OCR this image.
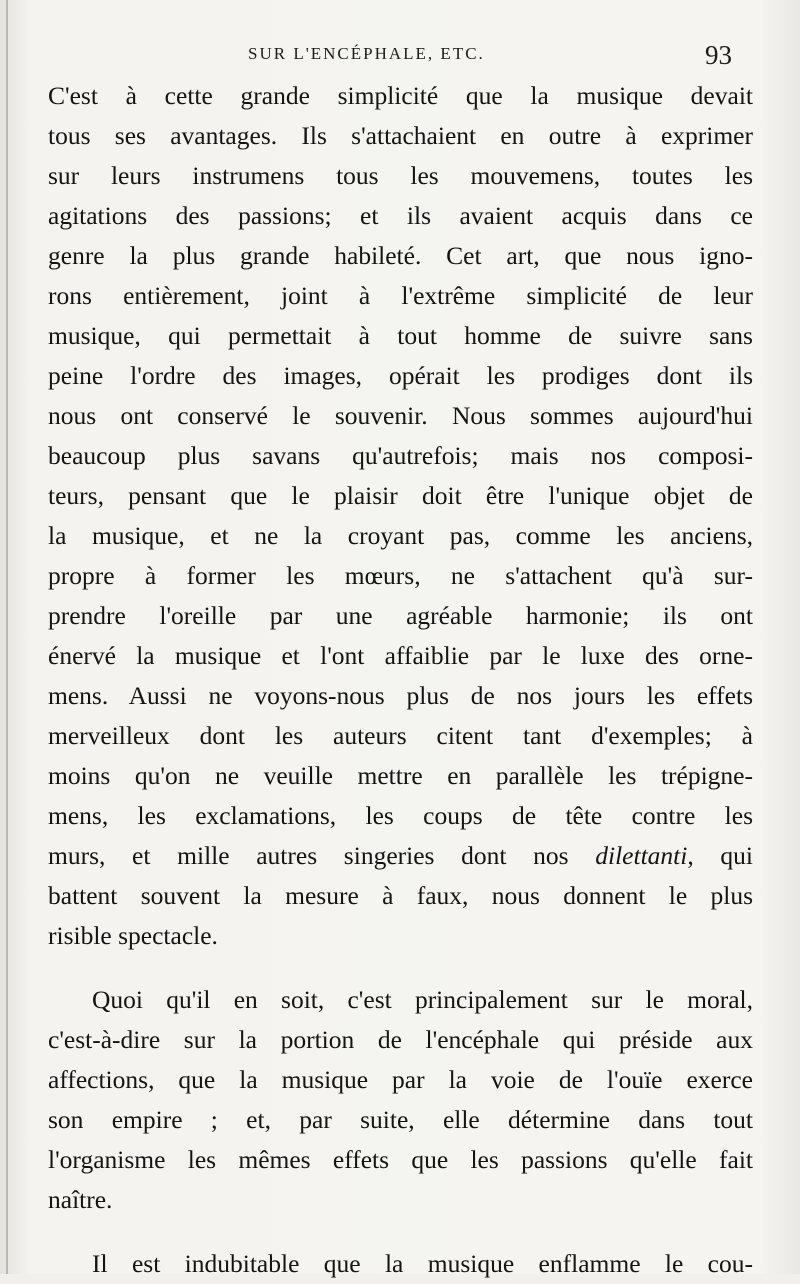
SUR L'ENCÉPHALE, ETC.	93
C'est à cette grande simplicité que la musique devait
tous ses avantages. Ils s'attachaient en outre à exprimer
sur leurs instrumens tous les mouvemens, toutes les
agitations des passions; et ils avaient acquis dans ce
genre la plus grande habileté. Cet art, que nous igno-
rons entièrement, joint à l'extrême simplicité de leur
musique, qui permettait à tout homme de suivre sans
peine l'ordre des images, opérait les prodiges dont ils
nous ont conservé le souvenir. Nous sommes aujourd'hui
beaucoup plus savans qu'autrefois; mais nos composi-
teurs, pensant que le plaisir doit être l'unique objet de
la musique, et ne la croyant pas, comme les anciens,
propre à former les mœurs, ne s'attachent qu'à sur-
prendre l'oreille par une agréable harmonie; ils ont
énervé la musique et l'ont affaiblie par le luxe des orne-
mens. Aussi ne voyons-nous plus de nos jours les effets
merveilleux dont les auteurs citent tant d'exemples; à
moins qu'on ne veuille mettre en parallèle les trépigne-
mens, les exclamations, les coups de tête contre les
murs, et mille autres singeries dont nos dilettanti, qui
battent souvent la mesure à faux, nous donnent le plus
risible spectacle.
Quoi qu'il en soit, c'est principalement sur le moral,
c'est-à-dire sur la portion de l'encéphale qui préside aux
affections, que la musique par la voie de l'ouïe exerce
son empire ; et, par suite, elle détermine dans tout
l'organisme les mêmes effets que les passions qu'elle fait
naître.
Il est indubitable que la musique enflamme le cou-
